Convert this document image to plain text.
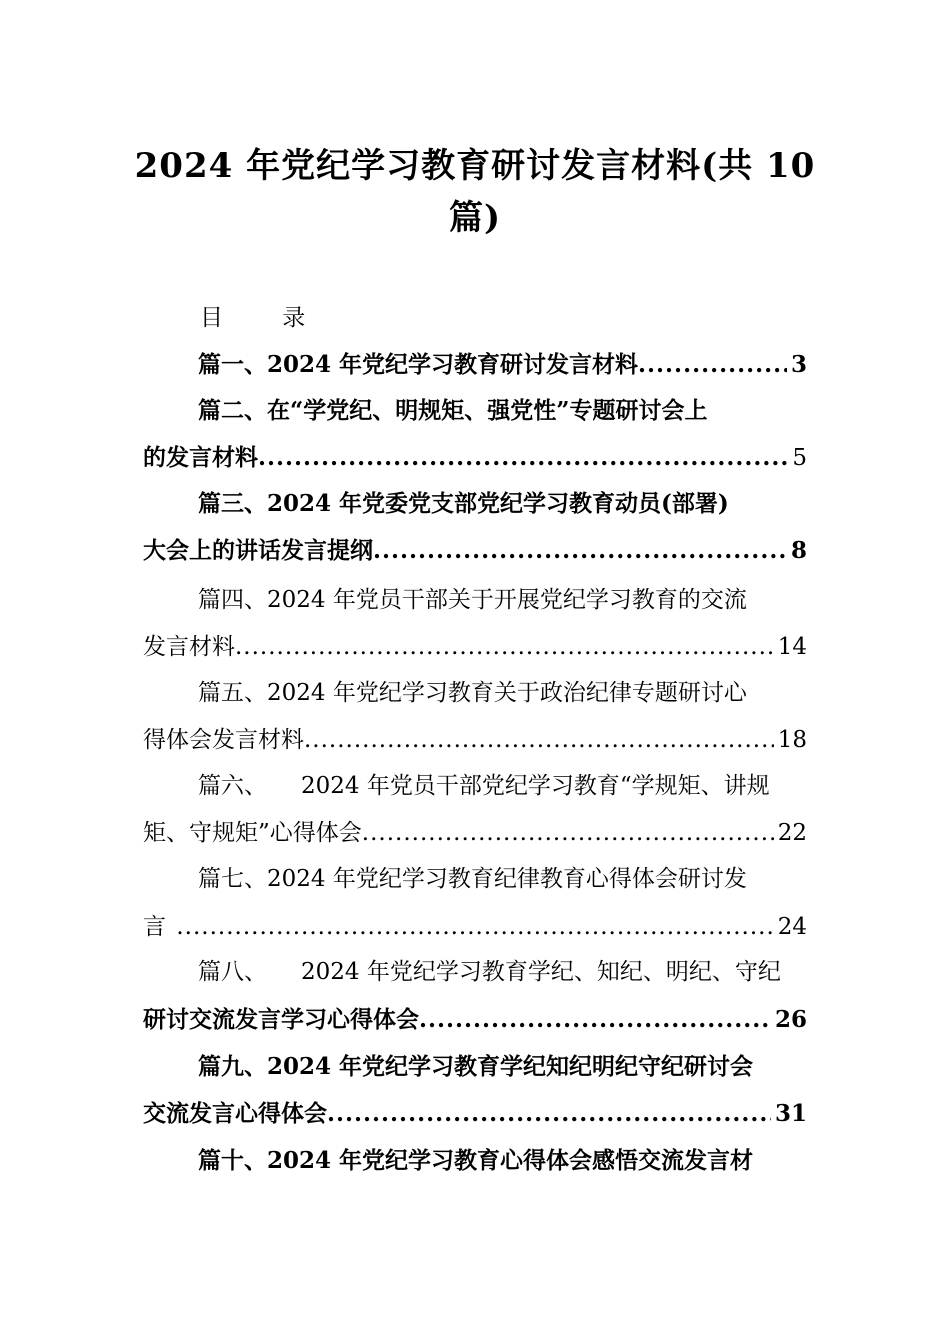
2024 年党纪学习教育研讨发言材料(共 10
篇)
目 录
篇一、2024 年党纪学习教育研讨发言材料 .....	3
篇二、在“学党纪、明规矩、强党性”专题研讨会上
的发言材料 .....	5
篇三、2024 年党委党支部党纪学习教育动员(部署)
大会上的讲话发言提纲 .....	8
篇四、2024 年党员干部关于开展党纪学习教育的交流
发言材料 .....	14
篇五、2024 年党纪学习教育关于政治纪律专题研讨心
得体会发言材料 .....	18
篇六、 2024 年党员干部党纪学习教育“学规矩、讲规
矩、守规矩”心得体会 .....	22
篇七、2024 年党纪学习教育纪律教育心得体会研讨发
言 .....	24
篇八、 2024 年党纪学习教育学纪、知纪、明纪、守纪
研讨交流发言学习心得体会 .....	26
篇九、2024 年党纪学习教育学纪知纪明纪守纪研讨会
交流发言心得体会 .....	31
篇十、2024 年党纪学习教育心得体会感悟交流发言材
